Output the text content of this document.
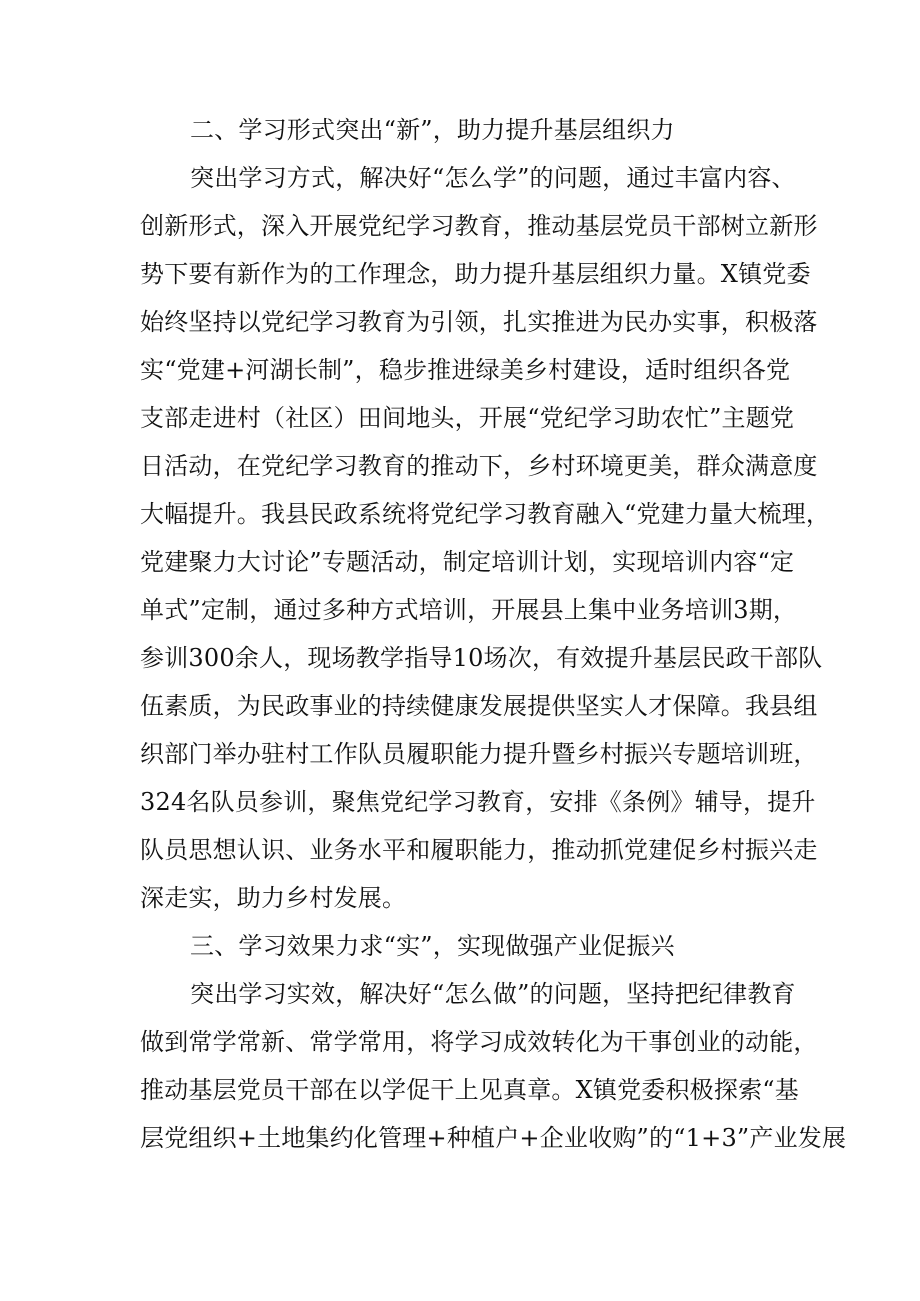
二、学习形式突出“新”，助力提升基层组织力
突出学习方式，解决好“怎么学”的问题，通过丰富内容、
创新形式，深入开展党纪学习教育，推动基层党员干部树立新形
势下要有新作为的工作理念，助力提升基层组织力量。X镇党委
始终坚持以党纪学习教育为引领，扎实推进为民办实事，积极落
实“党建+河湖长制”，稳步推进绿美乡村建设，适时组织各党
支部走进村（社区）田间地头，开展“党纪学习助农忙”主题党
日活动，在党纪学习教育的推动下，乡村环境更美，群众满意度
大幅提升。我县民政系统将党纪学习教育融入“党建力量大梳理，
党建聚力大讨论”专题活动，制定培训计划，实现培训内容“定
单式”定制，通过多种方式培训，开展县上集中业务培训3期，
参训300余人，现场教学指导10场次，有效提升基层民政干部队
伍素质，为民政事业的持续健康发展提供坚实人才保障。我县组
织部门举办驻村工作队员履职能力提升暨乡村振兴专题培训班，
324名队员参训，聚焦党纪学习教育，安排《条例》辅导，提升
队员思想认识、业务水平和履职能力，推动抓党建促乡村振兴走
深走实，助力乡村发展。
三、学习效果力求“实”，实现做强产业促振兴
突出学习实效，解决好“怎么做”的问题，坚持把纪律教育
做到常学常新、常学常用，将学习成效转化为干事创业的动能，
推动基层党员干部在以学促干上见真章。X镇党委积极探索“基
层党组织+土地集约化管理+种植户+企业收购”的“1+3”产业发展
